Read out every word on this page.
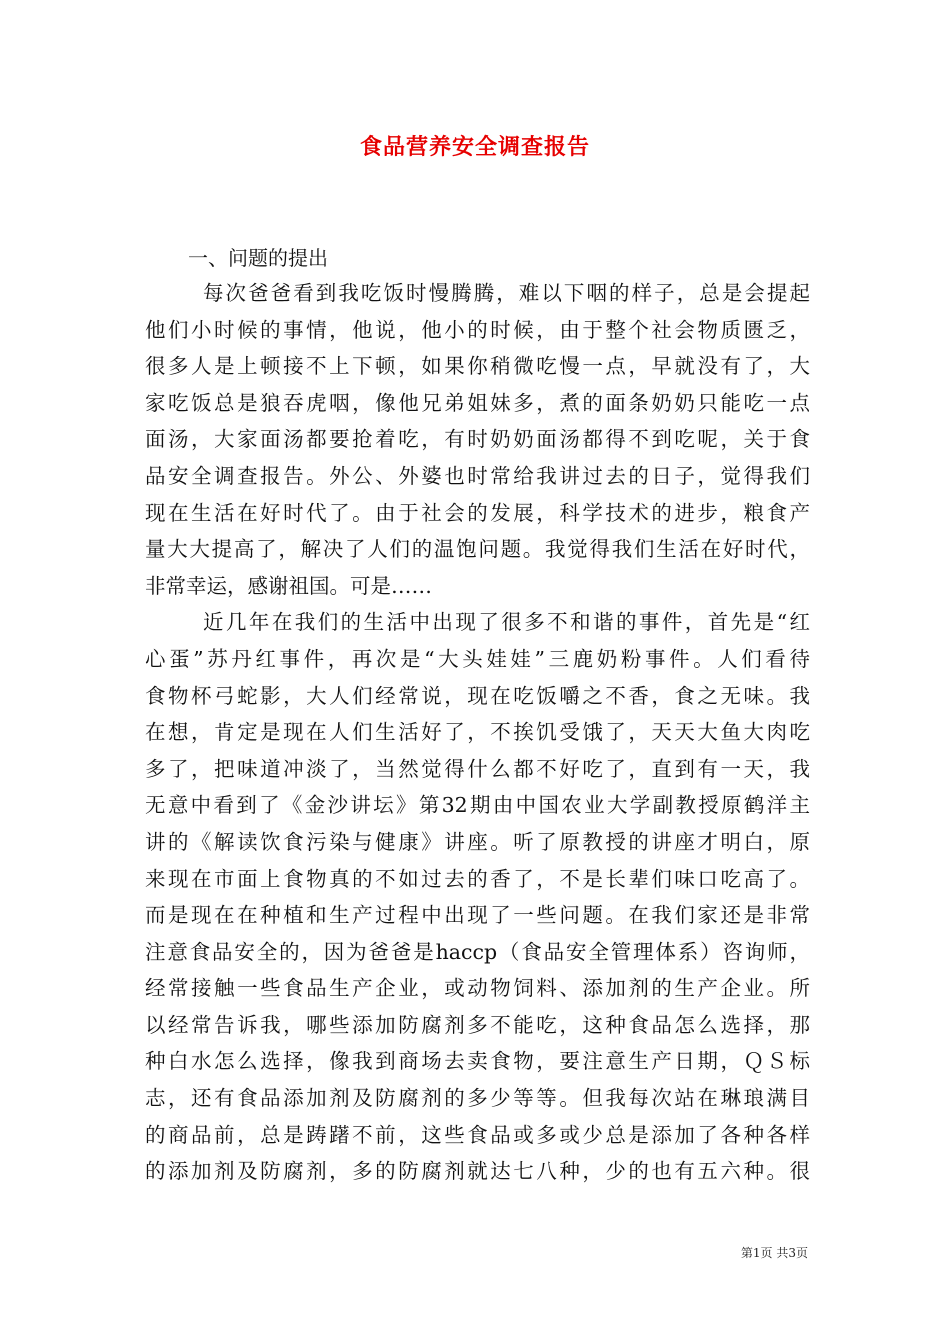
食品营养安全调查报告
一、问题的提出
每次爸爸看到我吃饭时慢腾腾，难以下咽的样子，总是会提起
他们小时候的事情，他说，他小的时候，由于整个社会物质匮乏，
很多人是上顿接不上下顿，如果你稍微吃慢一点，早就没有了，大
家吃饭总是狼吞虎咽，像他兄弟姐妹多，煮的面条奶奶只能吃一点
面汤，大家面汤都要抢着吃，有时奶奶面汤都得不到吃呢，关于食
品安全调查报告。外公、外婆也时常给我讲过去的日子，觉得我们
现在生活在好时代了。由于社会的发展，科学技术的进步，粮食产
量大大提高了，解决了人们的温饱问题。我觉得我们生活在好时代，
非常幸运，感谢祖国。可是……
近几年在我们的生活中出现了很多不和谐的事件，首先是“红
心蛋”苏丹红事件，再次是“大头娃娃”三鹿奶粉事件。人们看待
食物杯弓蛇影，大人们经常说，现在吃饭嚼之不香，食之无味。我
在想，肯定是现在人们生活好了，不挨饥受饿了，天天大鱼大肉吃
多了，把味道冲淡了，当然觉得什么都不好吃了，直到有一天，我
无意中看到了《金沙讲坛》第32期由中国农业大学副教授原鹤洋主
讲的《解读饮食污染与健康》讲座。听了原教授的讲座才明白，原
来现在市面上食物真的不如过去的香了，不是长辈们味口吃高了。
而是现在在种植和生产过程中出现了一些问题。在我们家还是非常
注意食品安全的，因为爸爸是haccp（食品安全管理体系）咨询师，
经常接触一些食品生产企业，或动物饲料、添加剂的生产企业。所
以经常告诉我，哪些添加防腐剂多不能吃，这种食品怎么选择，那
种白水怎么选择，像我到商场去卖食物，要注意生产日期，ＱＳ标
志，还有食品添加剂及防腐剂的多少等等。但我每次站在琳琅满目
的商品前，总是踌躇不前，这些食品或多或少总是添加了各种各样
的添加剂及防腐剂，多的防腐剂就达七八种，少的也有五六种。很
第1页 共3页
